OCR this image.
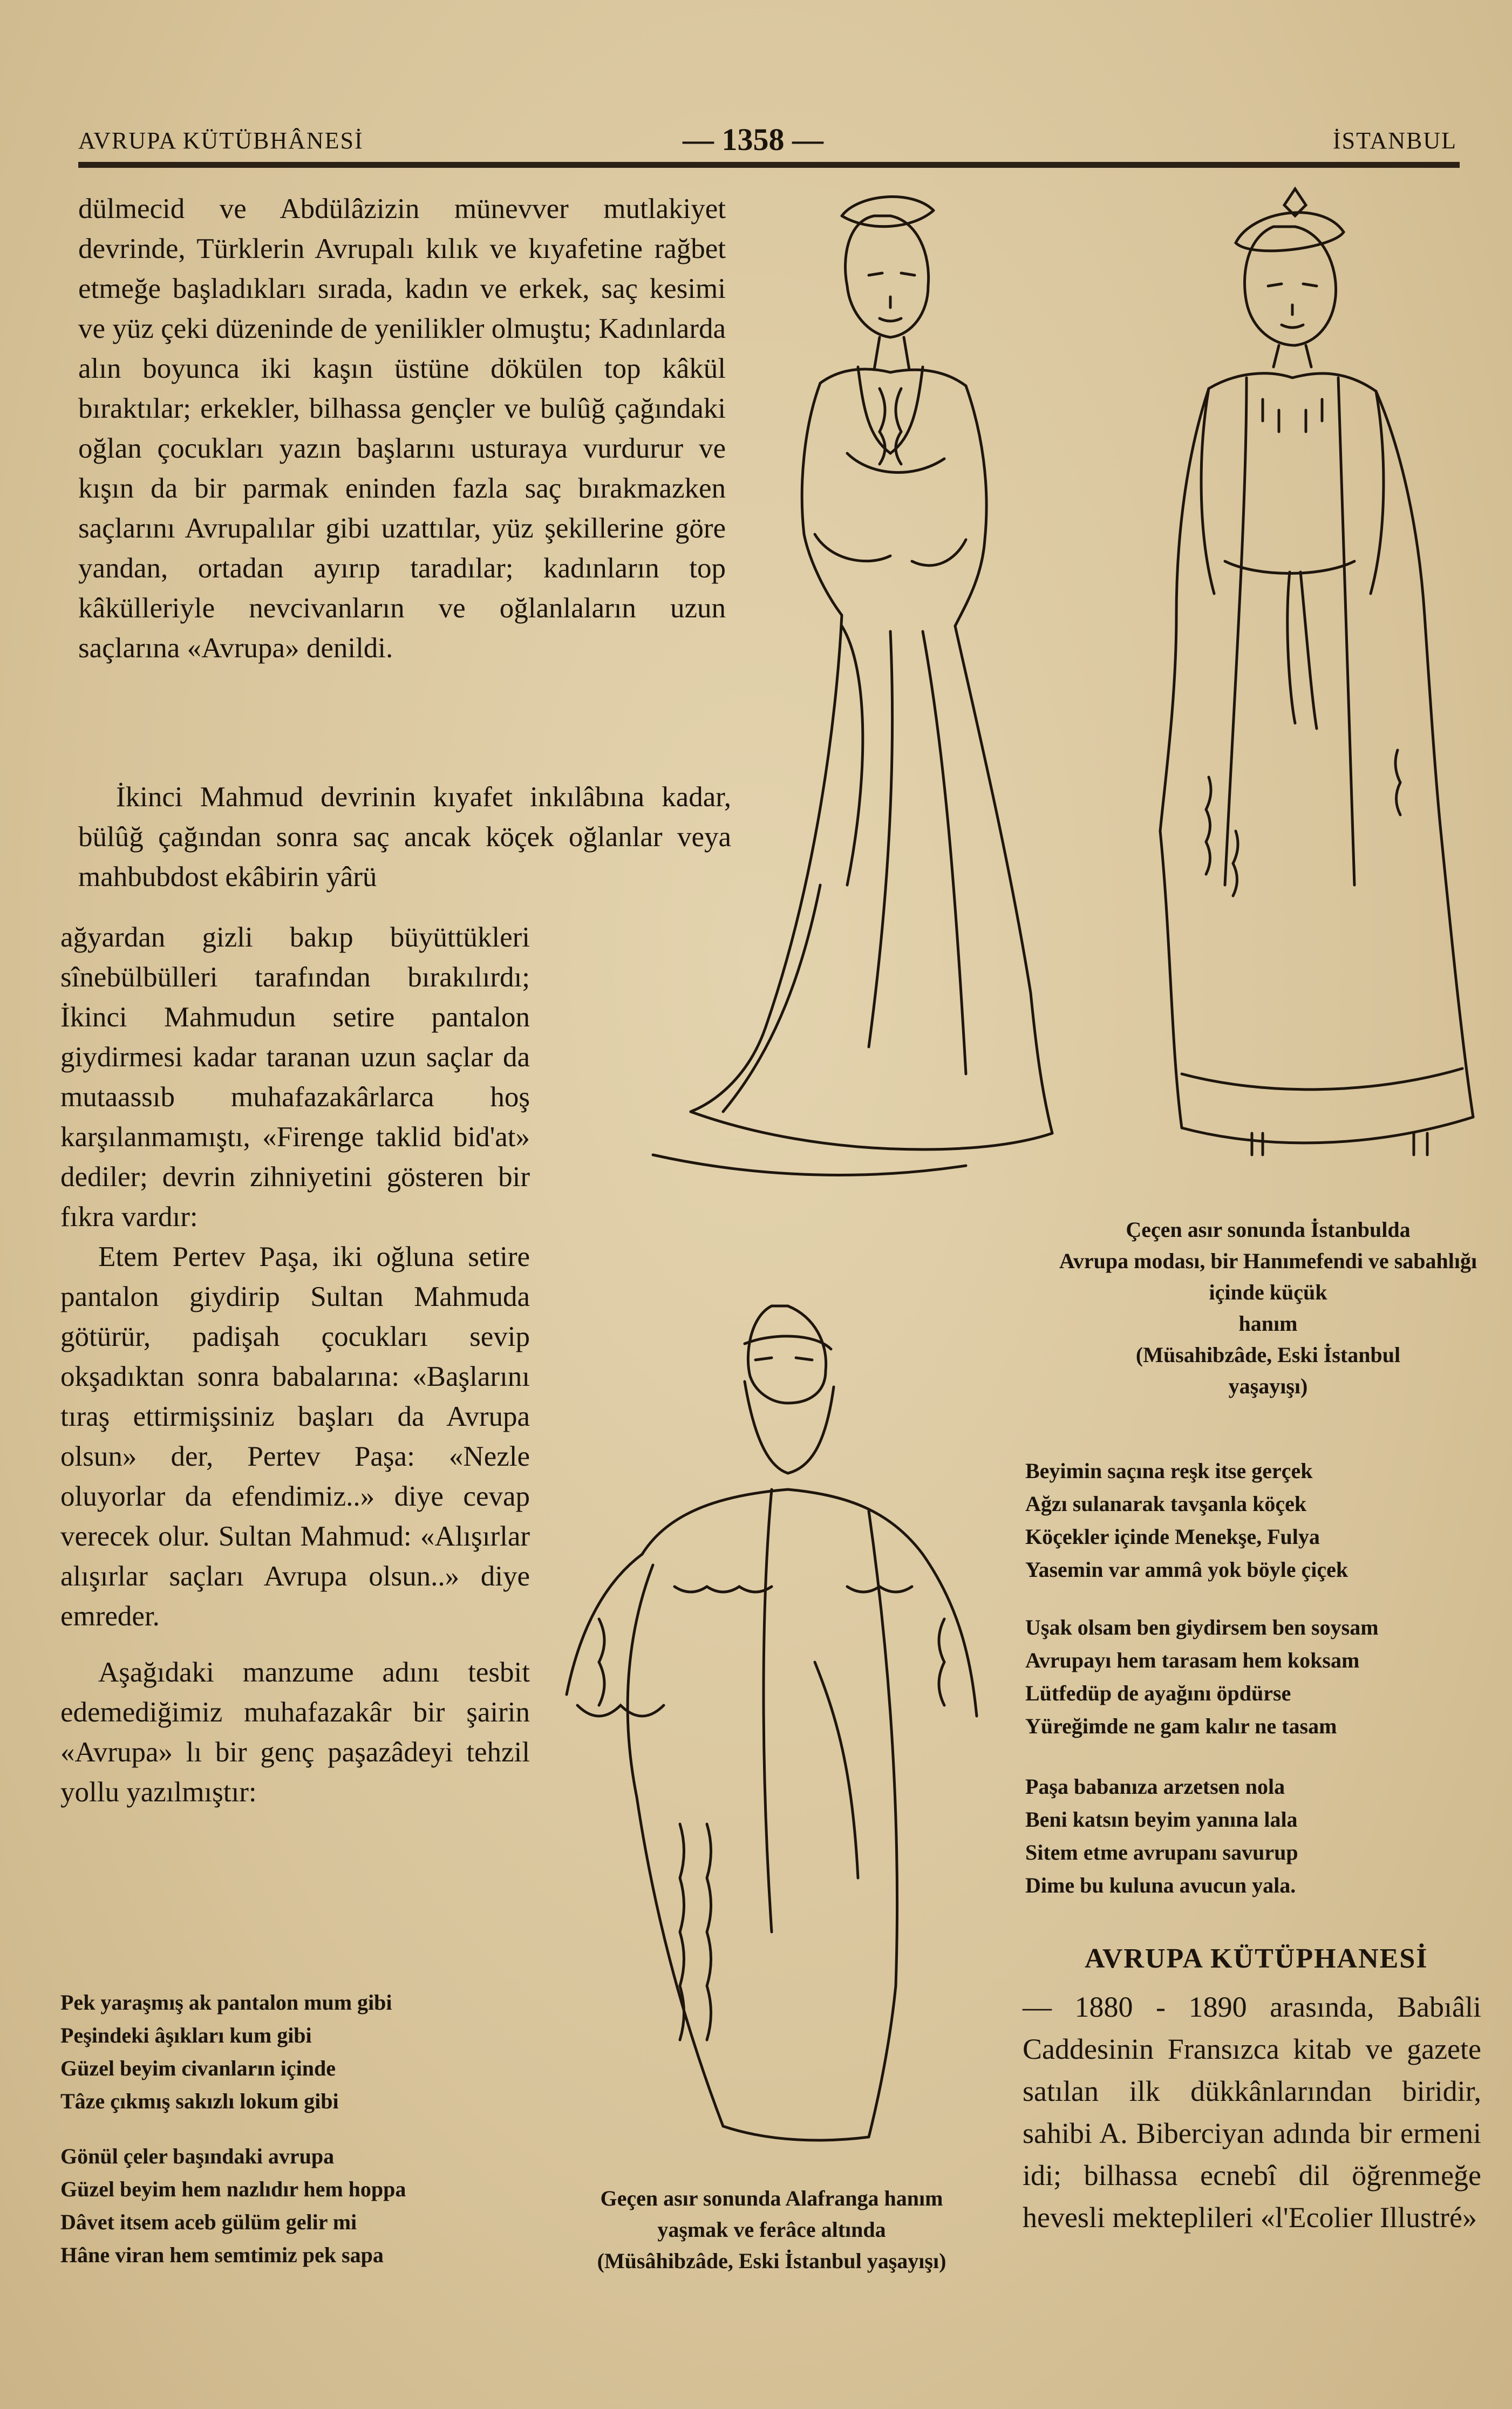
AVRUPA KÜTÜBHÂNESİ	— 1358 —	İSTANBUL

dülmecid ve Abdülâzizin münevver mutlakiyet devrinde, Türklerin Avrupalı kılık ve kıyafetine rağbet etmeğe başladıkları sırada, kadın ve erkek, saç kesimi ve yüz çeki düzeninde de yenilikler olmuştu; Kadınlarda alın boyunca iki kaşın üstüne dökülen top kâkül bıraktılar; erkekler, bilhassa gençler ve bulûğ çağındaki oğlan çocukları yazın başlarını usturaya vurdurur ve kışın da bir parmak eninden fazla saç bırakmazken saçlarını Avrupalılar gibi uzattılar, yüz şekillerine göre yandan, ortadan ayırıp taradılar; kadınların top kâkülleriyle nevcivanların ve oğlanlaların uzun saçlarına «Avrupa» denildi.

İkinci Mahmud devrinin kıyafet inkılâbına kadar, bülûğ çağından sonra saç ancak köçek oğlanlar veya mahbubdost ekâbirin yârü

ağyardan gizli bakıp büyüttükleri sînebülbülleri tarafından bırakılırdı; İkinci Mahmudun setire pantalon giydirmesi kadar taranan uzun saçlar da mutaassıb muhafazakârlarca hoş karşılanmamıştı, «Firenge taklid bid'at» dediler; devrin zihniyetini gösteren bir fıkra vardır:

Etem Pertev Paşa, iki oğluna setire pantalon giydirip Sultan Mahmuda götürür, padişah çocukları sevip okşadıktan sonra babalarına: «Başlarını tıraş ettirmişsiniz başları da Avrupa olsun» der, Pertev Paşa: «Nezle oluyorlar da efendimiz..» diye cevap verecek olur. Sultan Mahmud: «Alışırlar alışırlar saçları Avrupa olsun..» diye emreder.

Aşağıdaki manzume adını tesbit edemediğimiz muhafazakâr bir şairin «Avrupa» lı bir genç paşazâdeyi tehzil yollu yazılmıştır:

Pek yaraşmış ak pantalon mum gibi
Peşindeki âşıkları kum gibi
Güzel beyim civanların içinde
Tâze çıkmış sakızlı lokum gibi
Gönül çeler başındaki avrupa
Güzel beyim hem nazlıdır hem hoppa
Dâvet itsem aceb gülüm gelir mi
Hâne viran hem semtimiz pek sapa
Çeçen asır sonunda İstanbulda
Avrupa modası, bir Hanımefendi ve sabahlığı içinde küçük
hanım
(Müsahibzâde, Eski İstanbul
yaşayışı)
Beyimin saçına reşk itse gerçek
Ağzı sulanarak tavşanla köçek
Köçekler içinde Menekşe, Fulya
Yasemin var ammâ yok böyle çiçek
Uşak olsam ben giydirsem ben soysam
Avrupayı hem tarasam hem koksam
Lütfedüp de ayağını öpdürse
Yüreğimde ne gam kalır ne tasam
Paşa babanıza arzetsen nola
Beni katsın beyim yanına lala
Sitem etme avrupanı savurup
Dime bu kuluna avucun yala.
Geçen asır sonunda Alafranga hanım
yaşmak ve ferâce altında
(Müsâhibzâde, Eski İstanbul yaşayışı)
AVRUPA KÜTÜPHANESİ
— 1880 - 1890 arasında, Babıâli Caddesinin Fransızca kitab ve gazete satılan ilk dükkânlarından biridir, sahibi A. Biberciyan adında bir ermeni idi; bilhassa ecnebî dil öğrenmeğe hevesli mekteplileri «l'Ecolier Illustré»
